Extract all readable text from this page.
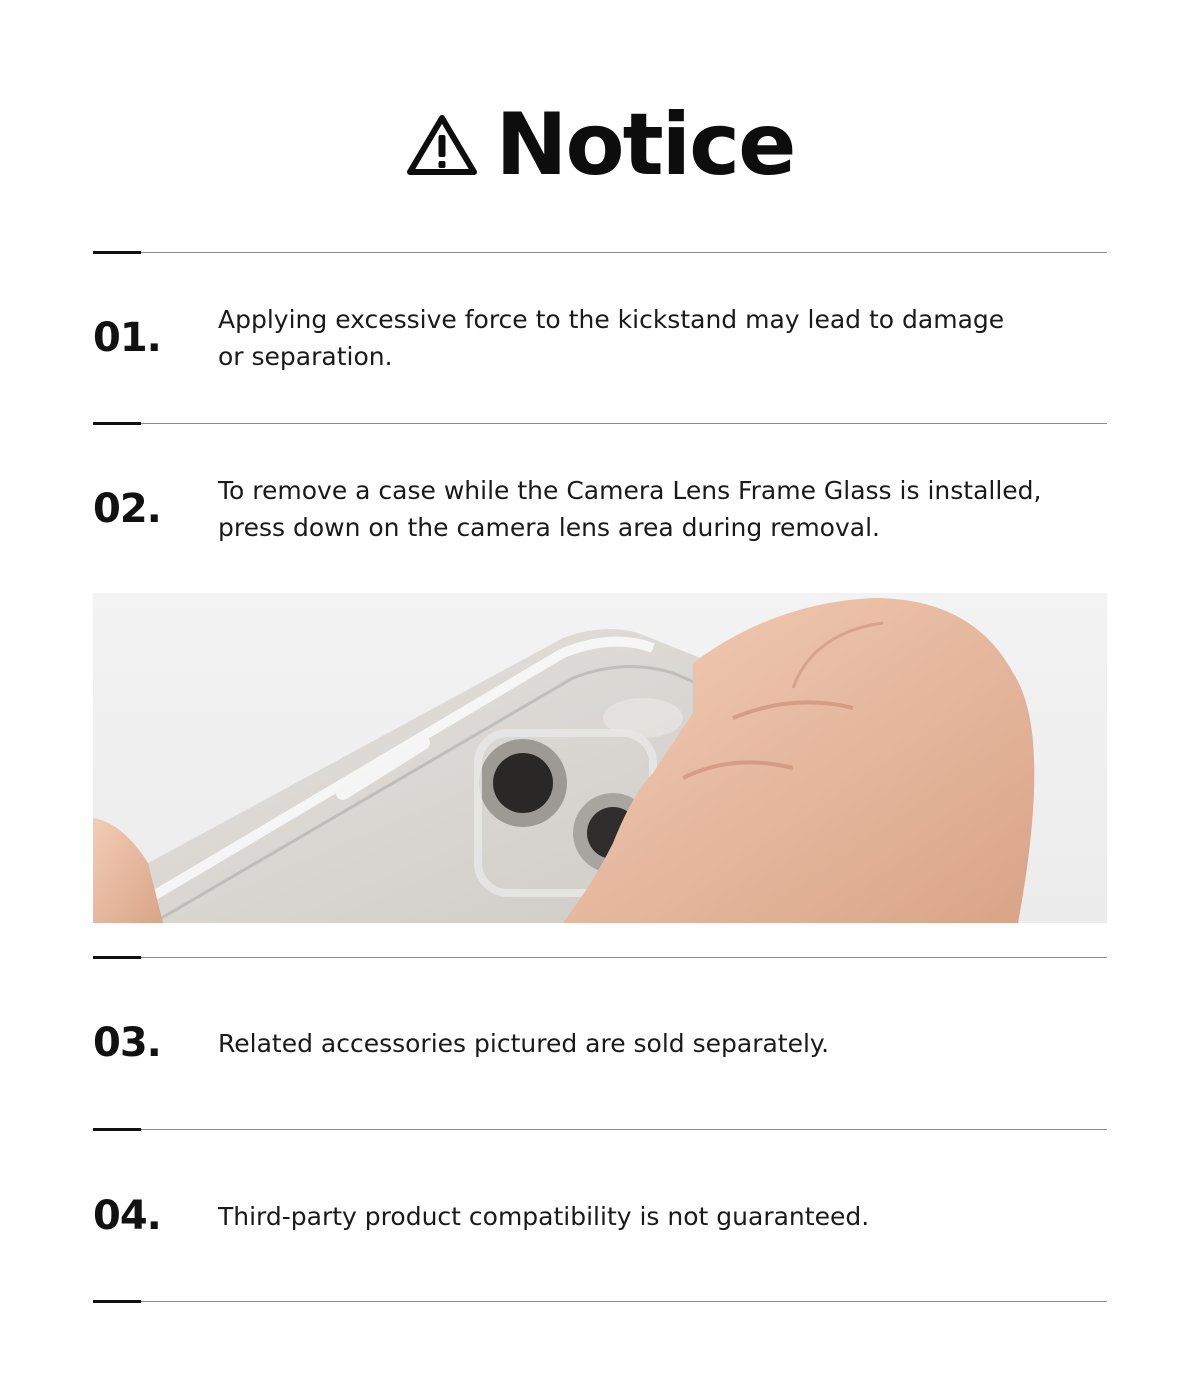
Notice
01. Applying excessive force to the kickstand may lead to damage
or separation.
02. To remove a case while the Camera Lens Frame Glass is installed,
press down on the camera lens area during removal.
03. Related accessories pictured are sold separately.
04. Third-party product compatibility is not guaranteed.
